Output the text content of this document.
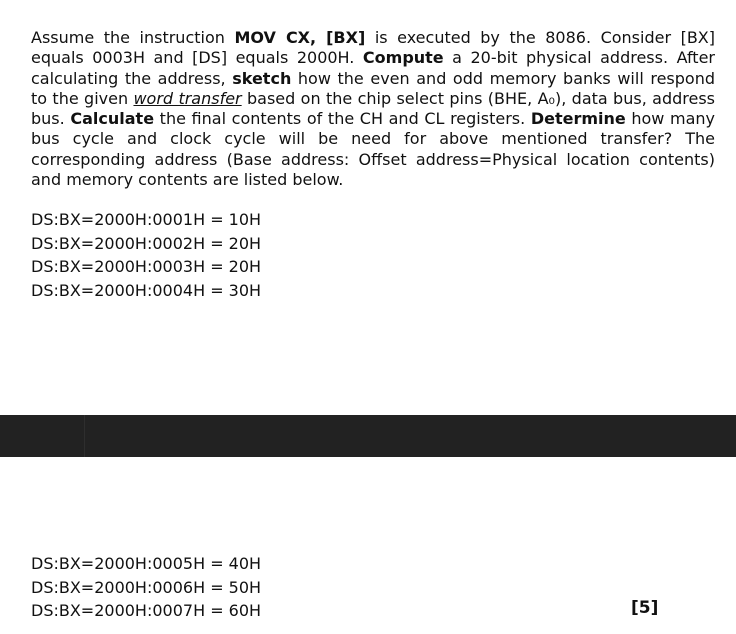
Assume the instruction MOV CX, [BX] is executed by the 8086. Consider [BX] equals 0003H and [DS] equals 2000H. Compute a 20-bit physical address. After calculating the address, sketch how the even and odd memory banks will respond to the given word transfer based on the chip select pins (BHE, A₀), data bus, address bus. Calculate the final contents of the CH and CL registers. Determine how many bus cycle and clock cycle will be need for above mentioned transfer? The corresponding address (Base address: Offset address=Physical location contents) and memory contents are listed below.

DS:BX=2000H:0001H = 10H
DS:BX=2000H:0002H = 20H
DS:BX=2000H:0003H = 20H
DS:BX=2000H:0004H = 30H
DS:BX=2000H:0005H = 40H
DS:BX=2000H:0006H = 50H
DS:BX=2000H:0007H = 60H	[5]
